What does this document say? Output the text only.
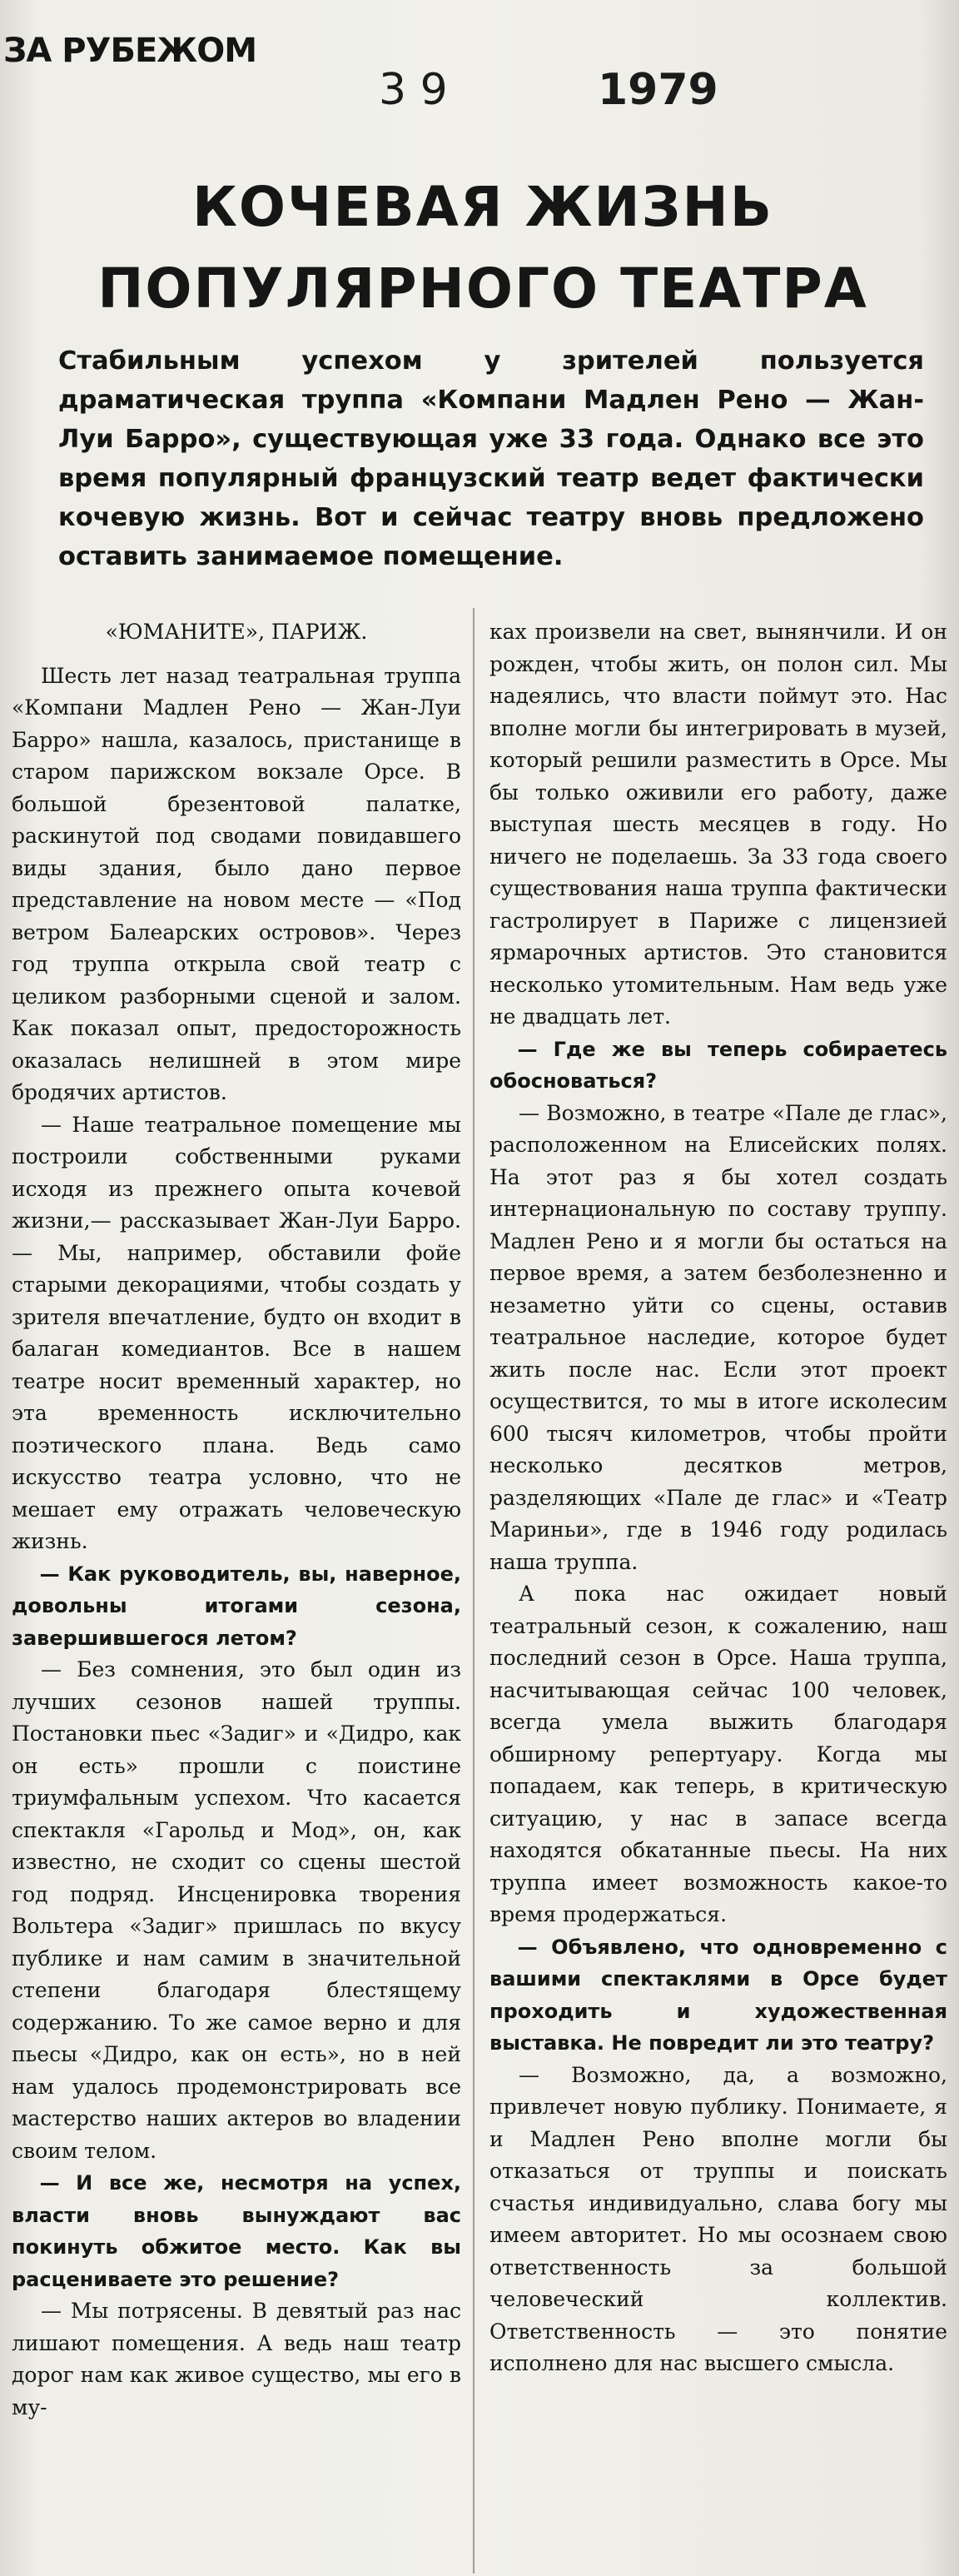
ЗА РУБЕЖОМ
3 9	1979
КОЧЕВАЯ ЖИЗНЬ
ПОПУЛЯРНОГО ТЕАТРА
Стабильным успехом у зрителей пользуется драматическая труппа «Компани Мадлен Рено — Жан-Луи Барро», существующая уже 33 года. Однако все это время популярный французский театр ведет фактически кочевую жизнь. Вот и сейчас театру вновь предложено оставить занимаемое помещение.

«ЮМАНИТЕ», ПАРИЖ.

Шесть лет назад театральная труппа «Компани Мадлен Рено — Жан-Луи Барро» нашла, казалось, пристанище в старом парижском вокзале Орсе. В большой брезентовой палатке, раскинутой под сводами повидавшего виды здания, было дано первое представление на новом месте — «Под ветром Балеарских островов». Через год труппа открыла свой театр с целиком разборными сценой и залом. Как показал опыт, предосторожность оказалась нелишней в этом мире бродячих артистов.

— Наше театральное помещение мы построили собственными руками исходя из прежнего опыта кочевой жизни,— рассказывает Жан-Луи Барро.— Мы, например, обставили фойе старыми декорациями, чтобы создать у зрителя впечатление, будто он входит в балаган комедиантов. Все в нашем театре носит временный характер, но эта временность исключительно поэтического плана. Ведь само искусство театра условно, что не мешает ему отражать человеческую жизнь.

— Как руководитель, вы, наверное, довольны итогами сезона, завершившегося летом?

— Без сомнения, это был один из лучших сезонов нашей труппы. Постановки пьес «Задиг» и «Дидро, как он есть» прошли с поистине триумфальным успехом. Что касается спектакля «Гарольд и Мод», он, как известно, не сходит со сцены шестой год подряд. Инсценировка творения Вольтера «Задиг» пришлась по вкусу публике и нам самим в значительной степени благодаря блестящему содержанию. То же самое верно и для пьесы «Дидро, как он есть», но в ней нам удалось продемонстрировать все мастерство наших актеров во владении своим телом.

— И все же, несмотря на успех, власти вновь вынуждают вас покинуть обжитое место. Как вы расцениваете это решение?

— Мы потрясены. В девятый раз нас лишают помещения. А ведь наш театр дорог нам как живое существо, мы его в му-

ках произвели на свет, вынянчили. И он рожден, чтобы жить, он полон сил. Мы надеялись, что власти поймут это. Нас вполне могли бы интегрировать в музей, который решили разместить в Орсе. Мы бы только оживили его работу, даже выступая шесть месяцев в году. Но ничего не поделаешь. За 33 года своего существования наша труппа фактически гастролирует в Париже с лицензией ярмарочных артистов. Это становится несколько утомительным. Нам ведь уже не двадцать лет.

— Где же вы теперь собираетесь обосноваться?

— Возможно, в театре «Пале де глас», расположенном на Елисейских полях. На этот раз я бы хотел создать интернациональную по составу труппу. Мадлен Рено и я могли бы остаться на первое время, а затем безболезненно и незаметно уйти со сцены, оставив театральное наследие, которое будет жить после нас. Если этот проект осуществится, то мы в итоге исколесим 600 тысяч километров, чтобы пройти несколько десятков метров, разделяющих «Пале де глас» и «Театр Мариньи», где в 1946 году родилась наша труппа.

А пока нас ожидает новый театральный сезон, к сожалению, наш последний сезон в Орсе. Наша труппа, насчитывающая сейчас 100 человек, всегда умела выжить благодаря обширному репертуару. Когда мы попадаем, как теперь, в критическую ситуацию, у нас в запасе всегда находятся обкатанные пьесы. На них труппа имеет возможность какое-то время продержаться.

— Объявлено, что одновременно с вашими спектаклями в Орсе будет проходить и художественная выставка. Не повредит ли это театру?

— Возможно, да, а возможно, привлечет новую публику. Понимаете, я и Мадлен Рено вполне могли бы отказаться от труппы и поискать счастья индивидуально, слава богу мы имеем авторитет. Но мы осознаем свою ответственность за большой человеческий коллектив. Ответственность — это понятие исполнено для нас высшего смысла.
